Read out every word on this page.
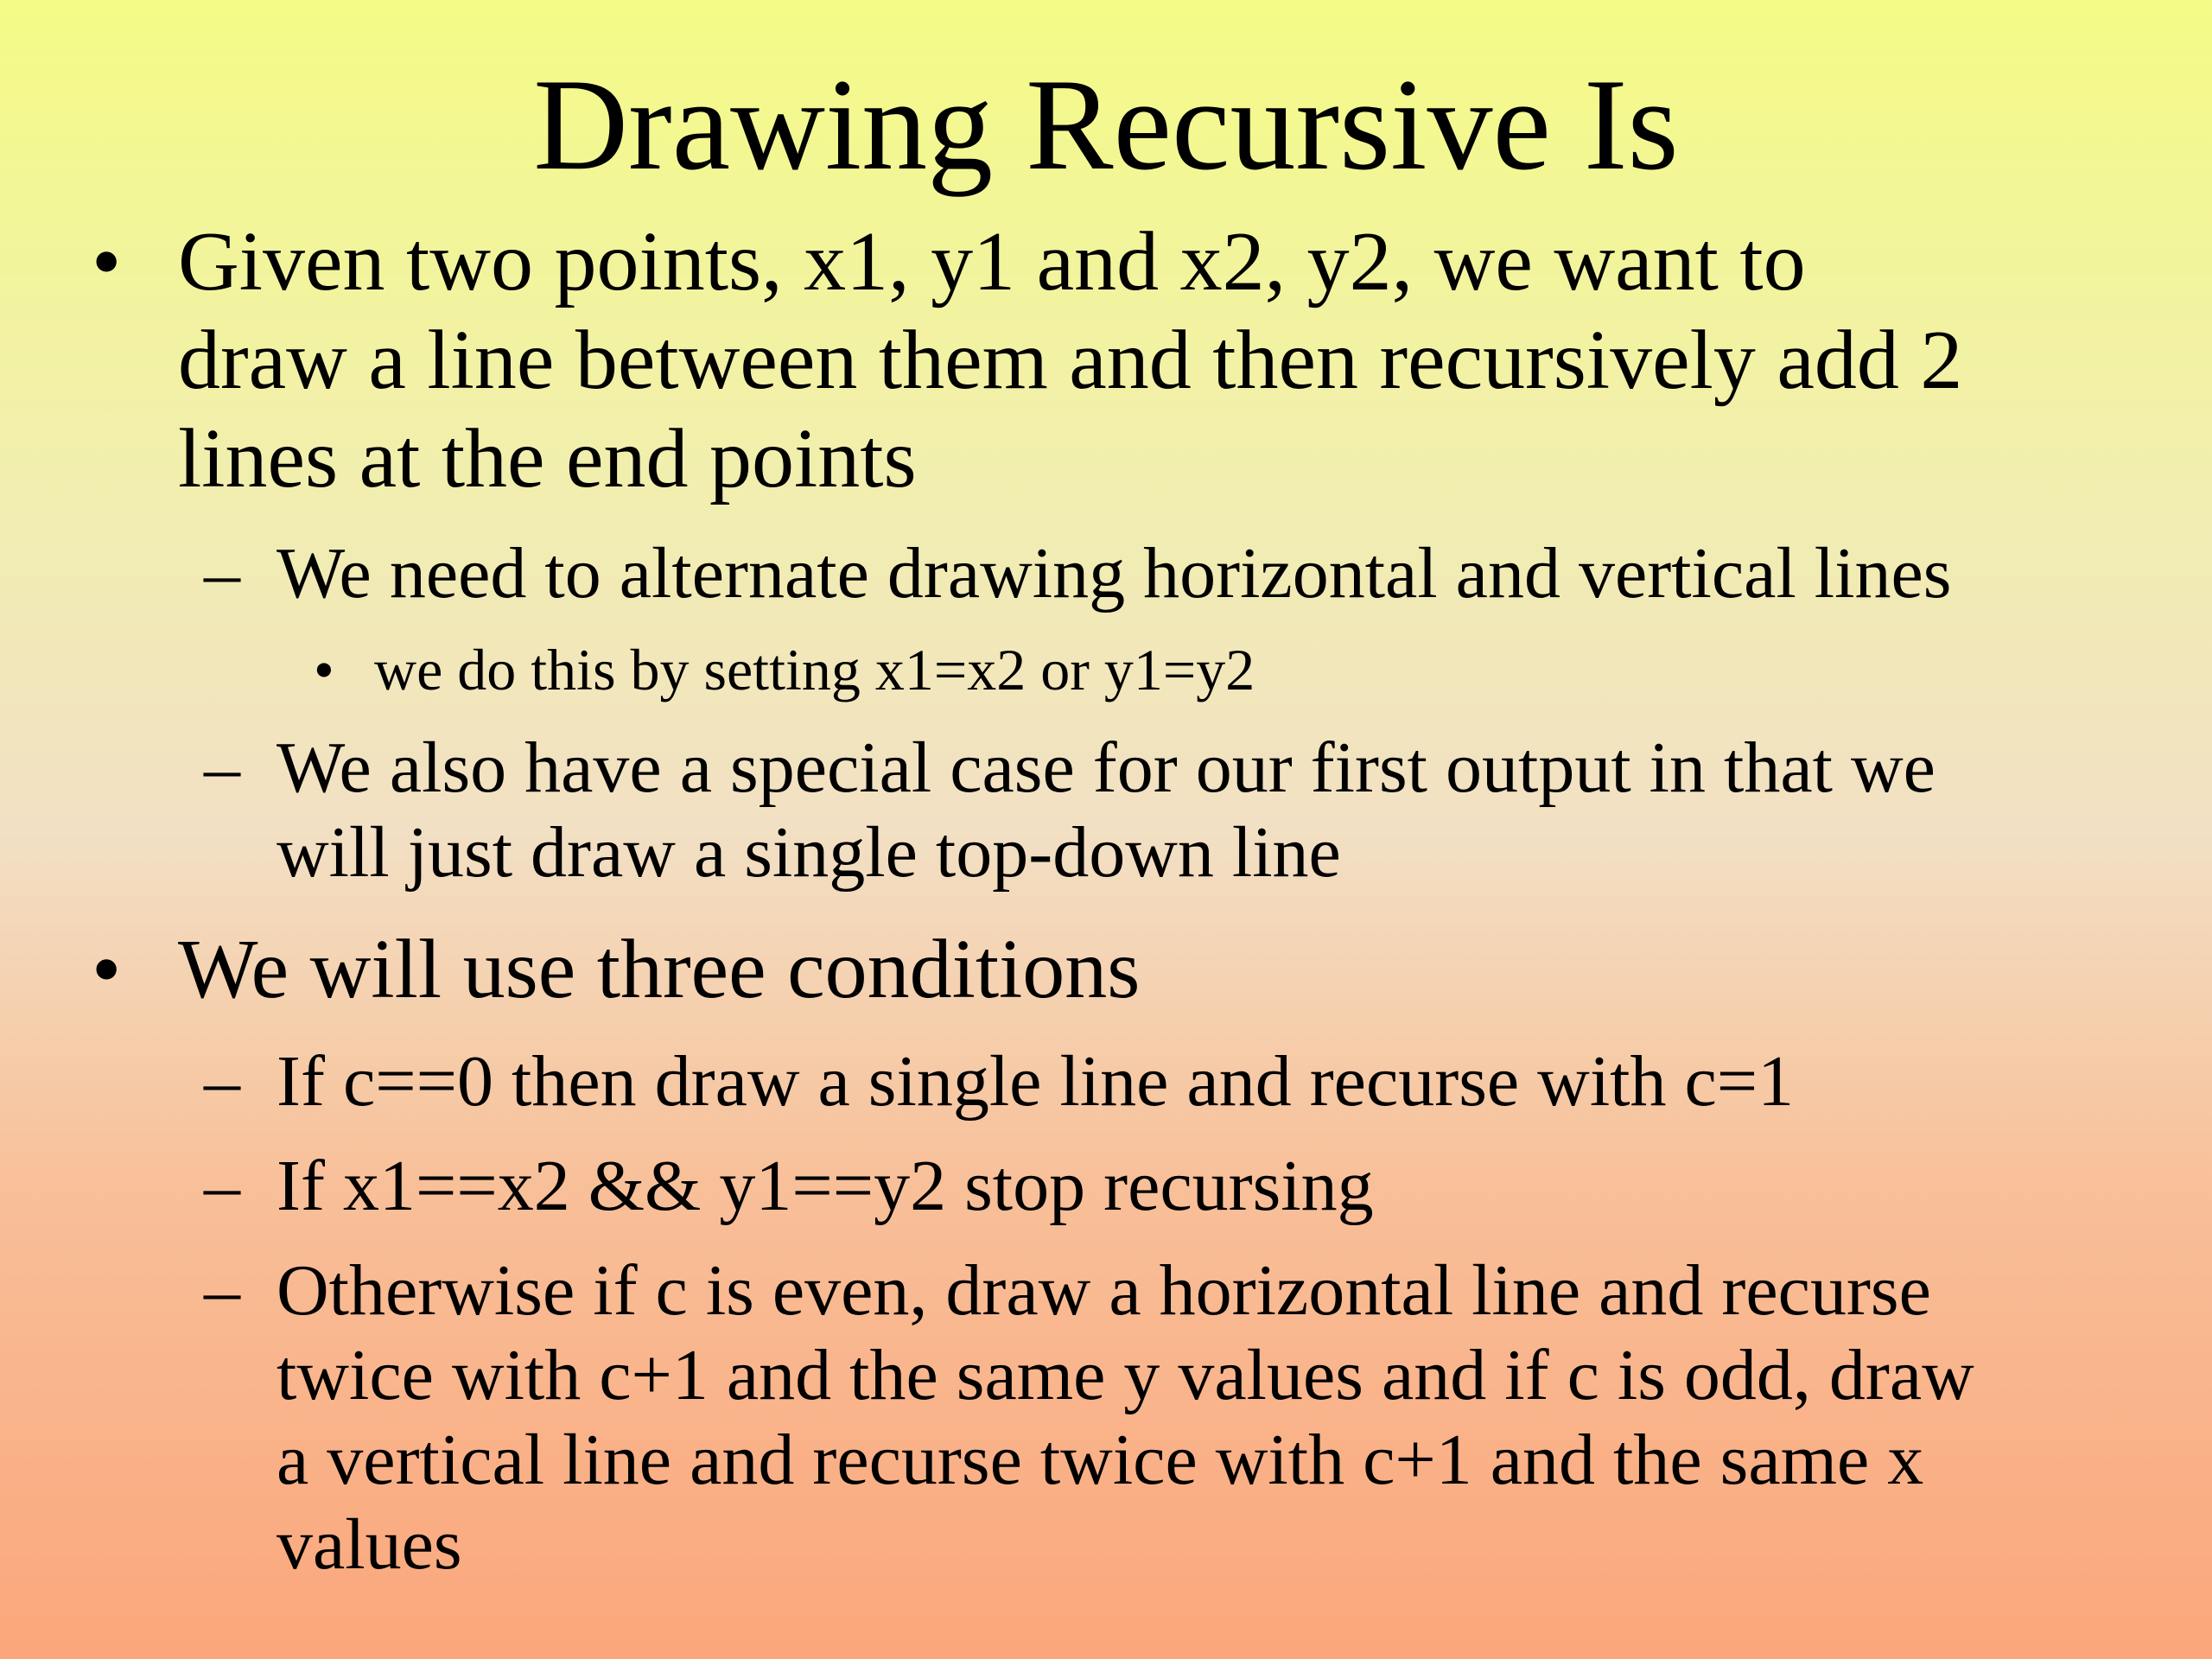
Drawing Recursive Is
• Given two points, x1, y1 and x2, y2, we want to
draw a line between them and then recursively add 2
lines at the end points
– We need to alternate drawing horizontal and vertical lines
• we do this by setting x1=x2 or y1=y2
– We also have a special case for our first output in that we
will just draw a single top-down line
• We will use three conditions
– If c==0 then draw a single line and recurse with c=1
– If x1==x2 && y1==y2 stop recursing
– Otherwise if c is even, draw a horizontal line and recurse
twice with c+1 and the same y values and if c is odd, draw
a vertical line and recurse twice with c+1 and the same x
values
